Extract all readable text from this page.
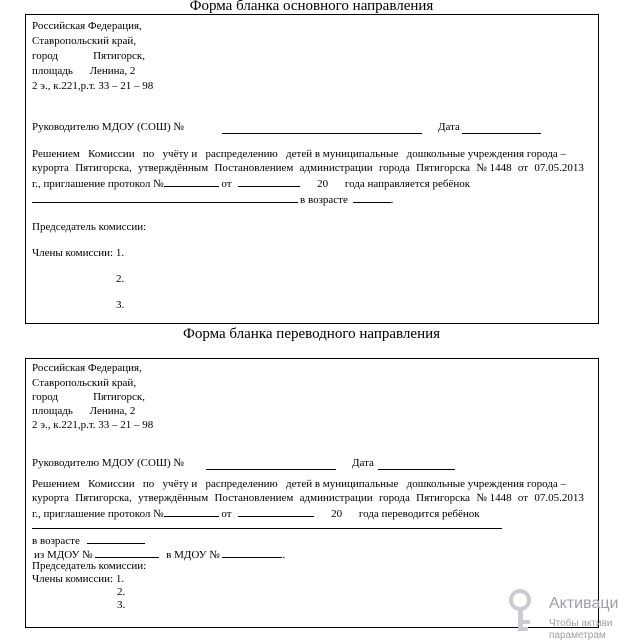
Форма бланка основного направления
Российская Федерация,
Ставропольский край,
город	Пятигорск,
площадь Ленина, 2
2 э., к.221,р.т. 33 – 21 – 98
Руководителю МДОУ (СОШ) №	Дата
Решением Комиссии по учёту и распределению детей в муниципальные дошкольные учреждения города –
курорта Пятигорска, утверждённым Постановлением администрации города Пятигорска № 1448 от 07.05.2013
г., приглашение протокол №	от	20 года направляется ребёнок
в возрасте	.
Председатель комиссии:
Члены комиссии: 1.
2.
3.
Форма бланка переводного направления
Российская Федерация,
Ставропольский край,
город	Пятигорск,
площадь Ленина, 2
2 э., к.221,р.т. 33 – 21 – 98
Руководителю МДОУ (СОШ) №	Дата
Решением Комиссии по учёту и распределению детей в муниципальные дошкольные учреждения города –
курорта Пятигорска, утверждённым Постановлением администрации города Пятигорска № 1448 от 07.05.2013
г., приглашение протокол №	от	20 года переводится ребёнок
в возрасте
из МДОУ №	в МДОУ №	.
Председатель комиссии:
Члены комиссии: 1.
2.
3.	Активаци
Чтобы активи
параметрам
